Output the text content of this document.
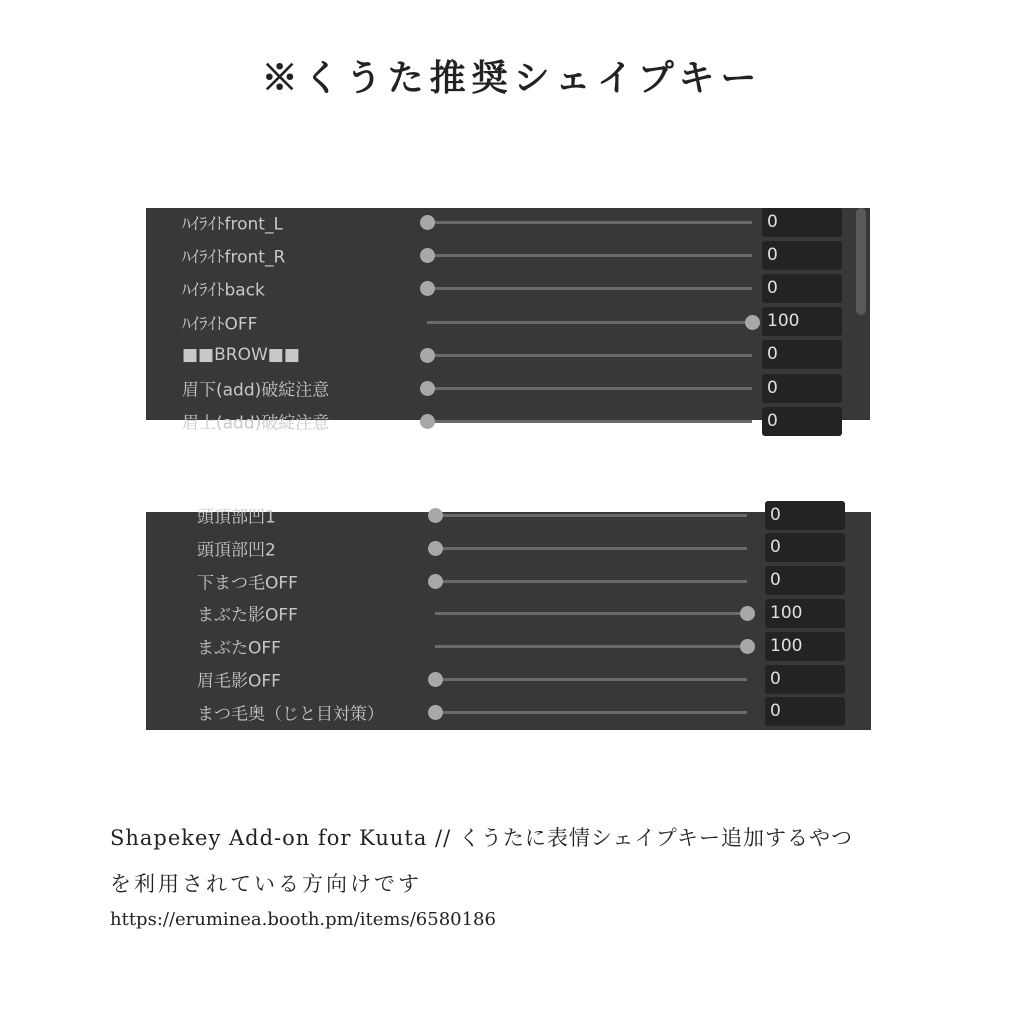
※くうた推奨シェイプキー
ﾊｲﾗｲﾄfront_L	0
ﾊｲﾗｲﾄfront_R	0
ﾊｲﾗｲﾄback	0
ﾊｲﾗｲﾄOFF	100
■■BROW■■	0
眉下(add)破綻注意	0
眉上(add)破綻注意	0
頭頂部凹1	0
頭頂部凹2	0
下まつ毛OFF	0
まぶた影OFF	100
まぶたOFF	100
眉毛影OFF	0
まつ毛奥（じと目対策）	0
Shapekey Add-on for Kuuta // くうたに表情シェイプキー追加するやつ
を利用されている方向けです
https://eruminea.booth.pm/items/6580186
